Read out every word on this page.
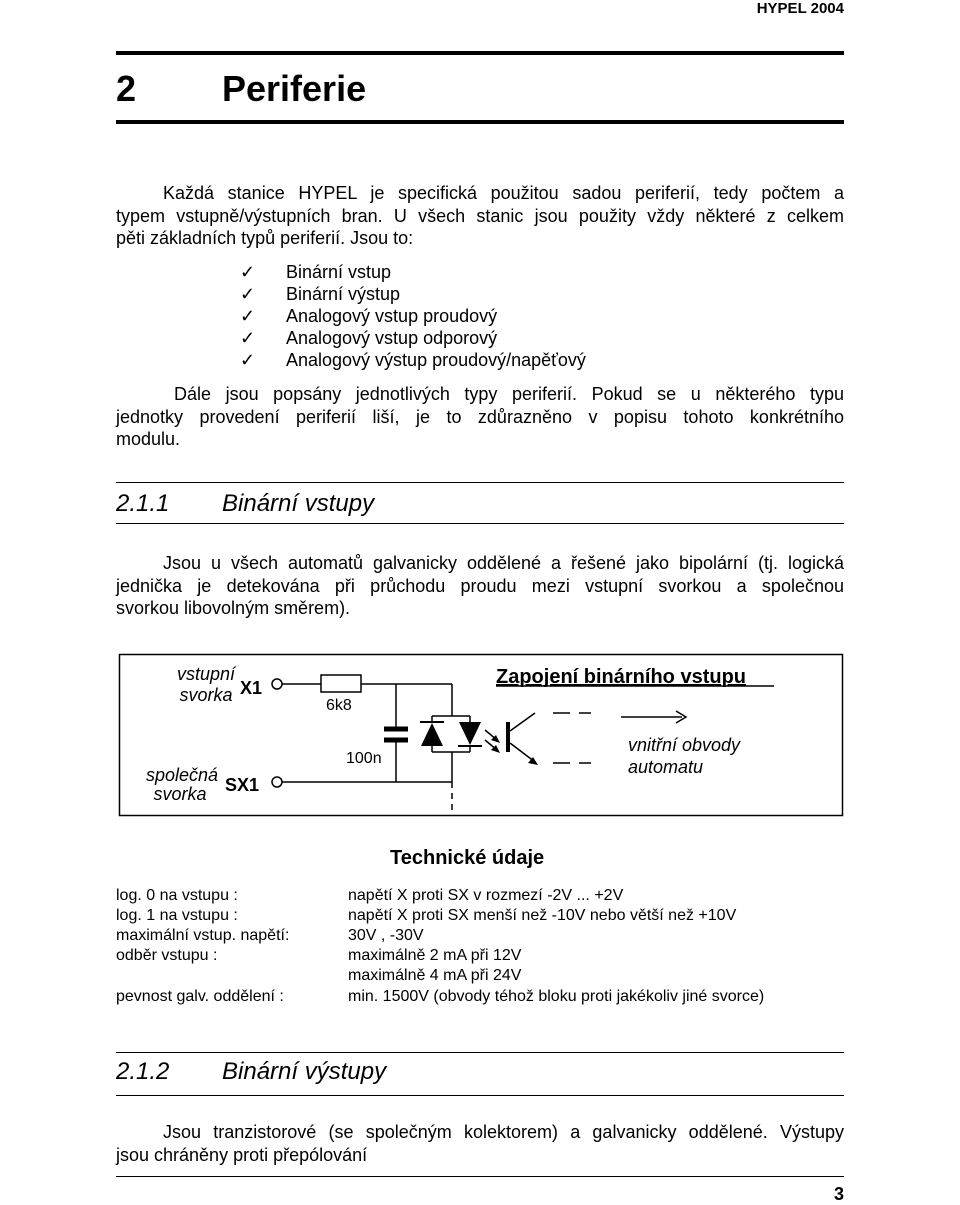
HYPEL 2004
2 Periferie
Každá stanice HYPEL je specifická použitou sadou periferií, tedy počtem a
typem vstupně/výstupních bran. U všech stanic jsou použity vždy některé z celkem
pěti základních typů periferií. Jsou to:
✓	Binární vstup
✓	Binární výstup
✓	Analogový vstup proudový
✓	Analogový vstup odporový
✓	Analogový výstup proudový/napěťový
Dále jsou popsány jednotlivých typy periferií. Pokud se u některého typu
jednotky provedení periferií liší, je to zdůrazněno v popisu tohoto konkrétního
modulu.
2.1.1 Binární vstupy
Jsou u všech automatů galvanicky oddělené a řešené jako bipolární (tj. logická
jednička je detekována při průchodu proudu mezi vstupní svorkou a společnou
svorkou libovolným směrem).
vstupní
svorka X1
společná
svorka SX1
6k8
100n
Zapojení binárního vstupu
vnitřní obvody
automatu
Technické údaje
log. 0 na vstupu :	napětí X proti SX v rozmezí -2V ... +2V
log. 1 na vstupu :	napětí X proti SX menší než -10V nebo větší než +10V
maximální vstup. napětí:	30V , -30V
odběr vstupu :	maximálně 2 mA při 12V
maximálně 4 mA při 24V
pevnost galv. oddělení :	min. 1500V (obvody téhož bloku proti jakékoliv jiné svorce)
2.1.2 Binární výstupy
Jsou tranzistorové (se společným kolektorem) a galvanicky oddělené. Výstupy
jsou chráněny proti přepólování
3
